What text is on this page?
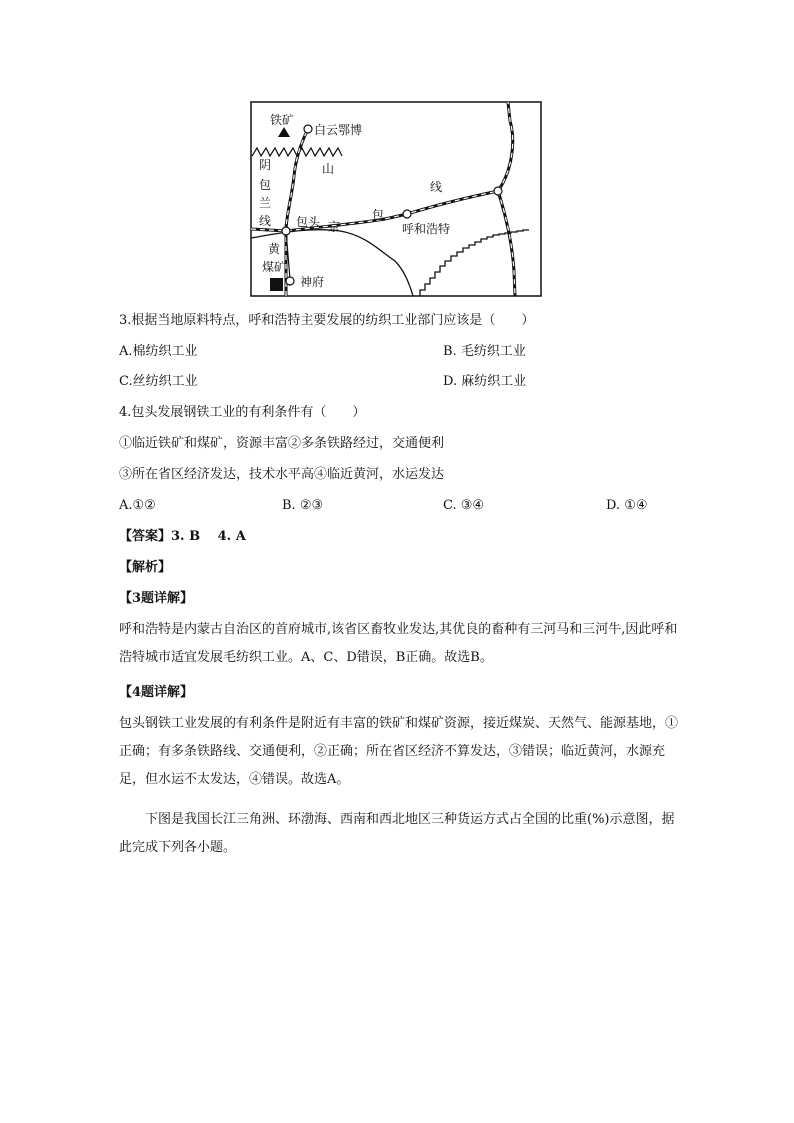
铁矿
白云鄂博
阴	山
包
兰
线 包头 京
包
线
呼和浩特
黄
煤矿
神府
3.根据当地原料特点，呼和浩特主要发展的纺织工业部门应该是（　　）
A.棉纺织工业	B. 毛纺织工业
C.丝纺织工业	D. 麻纺织工业
4.包头发展钢铁工业的有利条件有（　　）
①临近铁矿和煤矿，资源丰富②多条铁路经过，交通便利
③所在省区经济发达，技术水平高④临近黄河，水运发达
A.①②	B. ②③	C. ③④	D. ①④
【答案】3. B　 4. A
【解析】
【3题详解】
呼和浩特是内蒙古自治区的首府城市,该省区畜牧业发达,其优良的畜种有三河马和三河牛,因此呼和浩特城市适宜发展毛纺织工业。A、C、D错误，B正确。故选B。
【4题详解】
包头钢铁工业发展的有利条件是附近有丰富的铁矿和煤矿资源，接近煤炭、天然气、能源基地，①正确；有多条铁路线、交通便利，②正确；所在省区经济不算发达，③错误；临近黄河，水源充足，但水运不太发达，④错误。故选A。
下图是我国长江三角洲、环渤海、西南和西北地区三种货运方式占全国的比重(%)示意图，据此完成下列各小题。
